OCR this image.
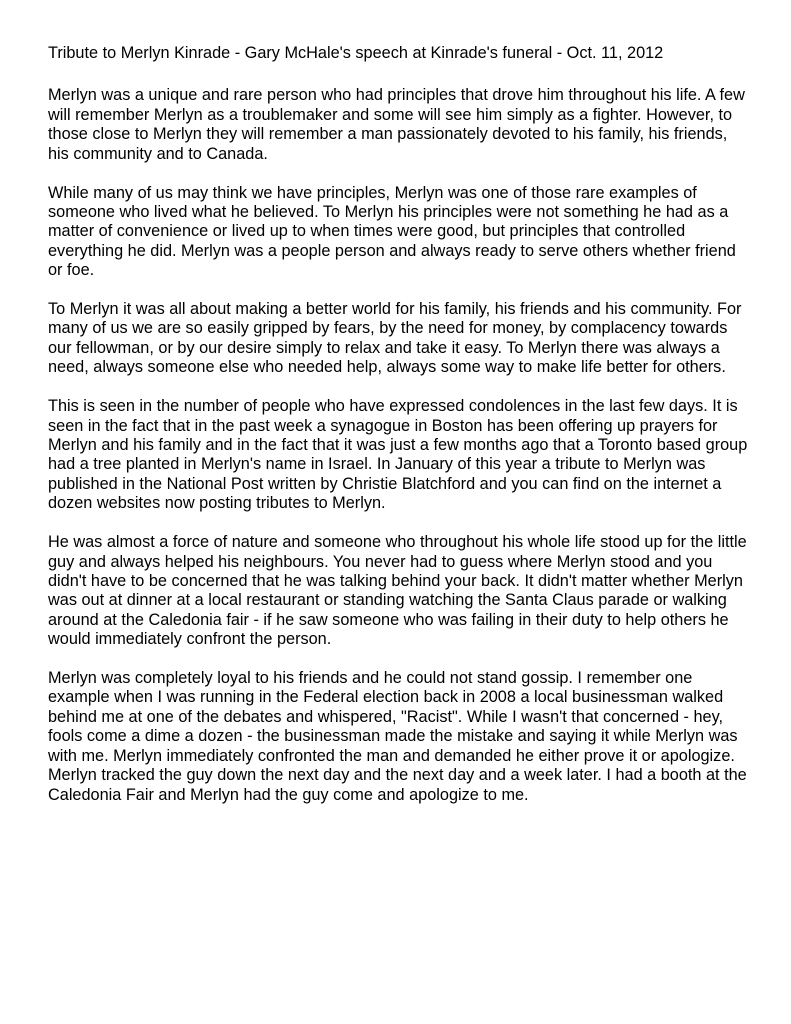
Tribute to Merlyn Kinrade - Gary McHale's speech at Kinrade's funeral - Oct. 11, 2012

Merlyn was a unique and rare person who had principles that drove him throughout his life. A few will remember Merlyn as a troublemaker and some will see him simply as a fighter. However, to those close to Merlyn they will remember a man passionately devoted to his family, his friends, his community and to Canada.

While many of us may think we have principles, Merlyn was one of those rare examples of someone who lived what he believed. To Merlyn his principles were not something he had as a matter of convenience or lived up to when times were good, but principles that controlled everything he did. Merlyn was a people person and always ready to serve others whether friend or foe.

To Merlyn it was all about making a better world for his family, his friends and his community. For many of us we are so easily gripped by fears, by the need for money, by complacency towards our fellowman, or by our desire simply to relax and take it easy. To Merlyn there was always a need, always someone else who needed help, always some way to make life better for others.

This is seen in the number of people who have expressed condolences in the last few days. It is seen in the fact that in the past week a synagogue in Boston has been offering up prayers for Merlyn and his family and in the fact that it was just a few months ago that a Toronto based group had a tree planted in Merlyn's name in Israel. In January of this year a tribute to Merlyn was published in the National Post written by Christie Blatchford and you can find on the internet a dozen websites now posting tributes to Merlyn.

He was almost a force of nature and someone who throughout his whole life stood up for the little guy and always helped his neighbours. You never had to guess where Merlyn stood and you didn't have to be concerned that he was talking behind your back. It didn't matter whether Merlyn was out at dinner at a local restaurant or standing watching the Santa Claus parade or walking around at the Caledonia fair - if he saw someone who was failing in their duty to help others he would immediately confront the person.

Merlyn was completely loyal to his friends and he could not stand gossip. I remember one example when I was running in the Federal election back in 2008 a local businessman walked behind me at one of the debates and whispered, "Racist". While I wasn't that concerned - hey, fools come a dime a dozen - the businessman made the mistake and saying it while Merlyn was with me. Merlyn immediately confronted the man and demanded he either prove it or apologize. Merlyn tracked the guy down the next day and the next day and a week later. I had a booth at the Caledonia Fair and Merlyn had the guy come and apologize to me.
